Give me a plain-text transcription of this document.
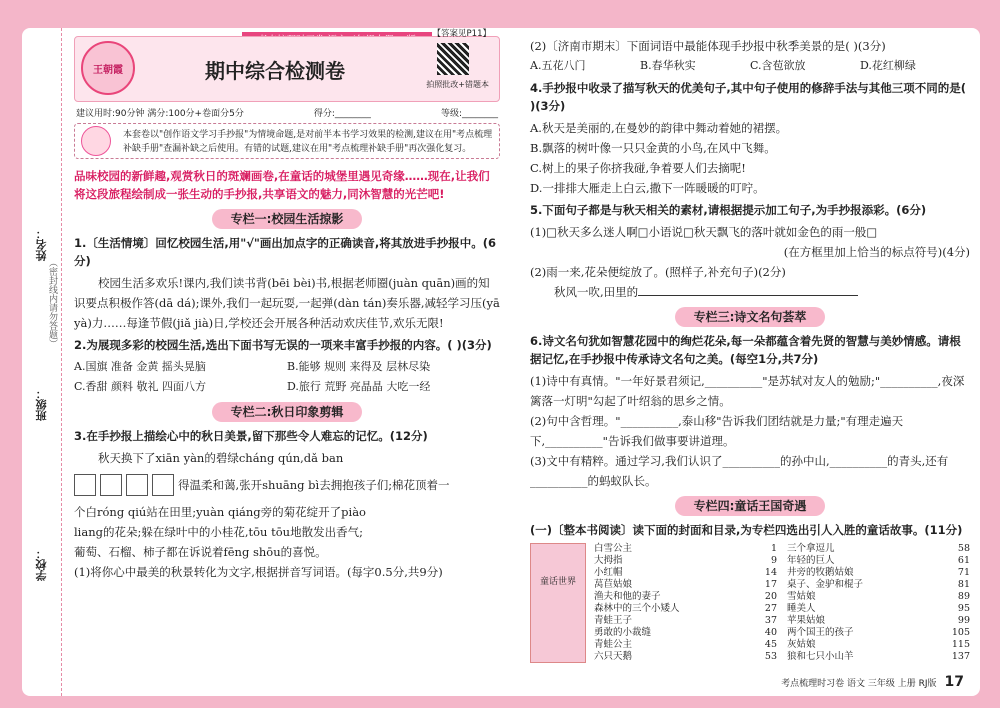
姓名：
班级：
学校：
（密封线内请勿答题）
王朝霞	期中综合检测卷
【答案见P11】
拍照批改+错题本
建议用时:90分钟 满分:100分+卷面分5分	得分:________	等级:________
本套卷以"创作语文学习手抄报"为情境命题,是对前半本书学习效果的检测,建议在用"考点梳理补缺手册"查漏补缺之后使用。有错的试题,建议在用"考点梳理补缺手册"再次强化复习。
品味校园的新鲜趣,观赏秋日的斑斓画卷,在童话的城堡里遇见奇缘……现在,让我们将这段旅程绘制成一张生动的手抄报,共享语文的魅力,同沐智慧的光芒吧!
专栏一:校园生活掠影
1.〔生活情境〕回忆校园生活,用"√"画出加点字的正确读音,将其放进手抄报中。(6分)
校园生活多欢乐!课内,我们读书背(bēi bèi)书,根据老师圈(juàn quān)画的知识要点积极作答(dā dá);课外,我们一起玩耍,一起弹(dàn tán)奏乐器,减轻学习压(yā yà)力……每逢节假(jiǎ jià)日,学校还会开展各种活动欢庆佳节,欢乐无限!
2.为展现多彩的校园生活,选出下面书写无误的一项来丰富手抄报的内容。( )(3分)
A.国旗 准备 金黄 摇头晃脑	B.能够 规则 来得及 层林尽染
C.香甜 颜料 敬礼 四面八方	D.旅行 荒野 亮晶晶 大吃一经
专栏二:秋日印象剪辑
3.在手抄报上描绘心中的秋日美景,留下那些令人难忘的记忆。(12分)
秋天换下了xiān yàn的碧绿cháng qún,dǎ ban
得温柔和蔼,张开shuāng bì去拥抱孩子们;棉花顶着一
个白róng qiú站在田里;yuàn qiáng旁的菊花绽开了piào
liang的花朵;躲在绿叶中的小桂花,tōu tōu地散发出香气;
葡萄、石榴、柿子都在诉说着fēng shōu的喜悦。
(1)将你心中最美的秋景转化为文字,根据拼音写词语。(每字0.5分,共9分)
(2)〔济南市期末〕下面词语中最能体现手抄报中秋季美景的是( )(3分)
A.五花八门	B.春华秋实	C.含苞欲放	D.花红柳绿
4.手抄报中收录了描写秋天的优美句子,其中句子使用的修辞手法与其他三项不同的是( )(3分)
A.秋天是美丽的,在曼妙的韵律中舞动着她的裙摆。
B.飘落的树叶像一只只金黄的小鸟,在风中飞舞。
C.树上的果子你挤我碰,争着要人们去摘呢!
D.一排排大雁走上白云,撒下一阵暖暖的叮咛。
5.下面句子都是与秋天相关的素材,请根据提示加工句子,为手抄报添彩。(6分)
(1)□秋天多么迷人啊□小语说□秋天飘飞的落叶就如金色的雨一般□
(在方框里加上恰当的标点符号)(4分)
(2)雨一来,花朵便绽放了。(照样子,补充句子)(2分)
秋风一吹,田里的
专栏三:诗文名句荟萃
6.诗文名句犹如智慧花园中的绚烂花朵,每一朵都蕴含着先贤的智慧与美妙情感。请根据记忆,在手抄报中传承诗文名句之美。(每空1分,共7分)
(1)诗中有真情。"一年好景君须记,__________"是苏轼对友人的勉励;"__________,夜深篱落一灯明"勾起了叶绍翁的思乡之情。
(2)句中含哲理。"__________,泰山移"告诉我们团结就是力量;"有理走遍天下,__________"告诉我们做事要讲道理。
(3)文中有精粹。通过学习,我们认识了__________的孙中山,__________的青头,还有__________的蚂蚁队长。
专栏四:童话王国奇遇
(一)〔整本书阅读〕读下面的封面和目录,为专栏四选出引人入胜的童话故事。(11分)
童话世界
白雪公主	1 三个拿逗儿	58
大拇指	9 年轻的巨人	61
小红帽	14 井旁的牧鹅姑娘	71
莴苣姑娘	17 桌子、金驴和棍子	81
渔夫和他的妻子	20 雪姑娘	89
森林中的三个小矮人	27 睡美人	95
青蛙王子	37 苹果姑娘	99
勇敢的小裁缝	40 两个国王的孩子	105
青蛙公主	45 灰姑娘	115
六只天鹅	53 狼和七只小山羊	137
考点梳理时习卷 语文 三年级 上册 RJ版 17
